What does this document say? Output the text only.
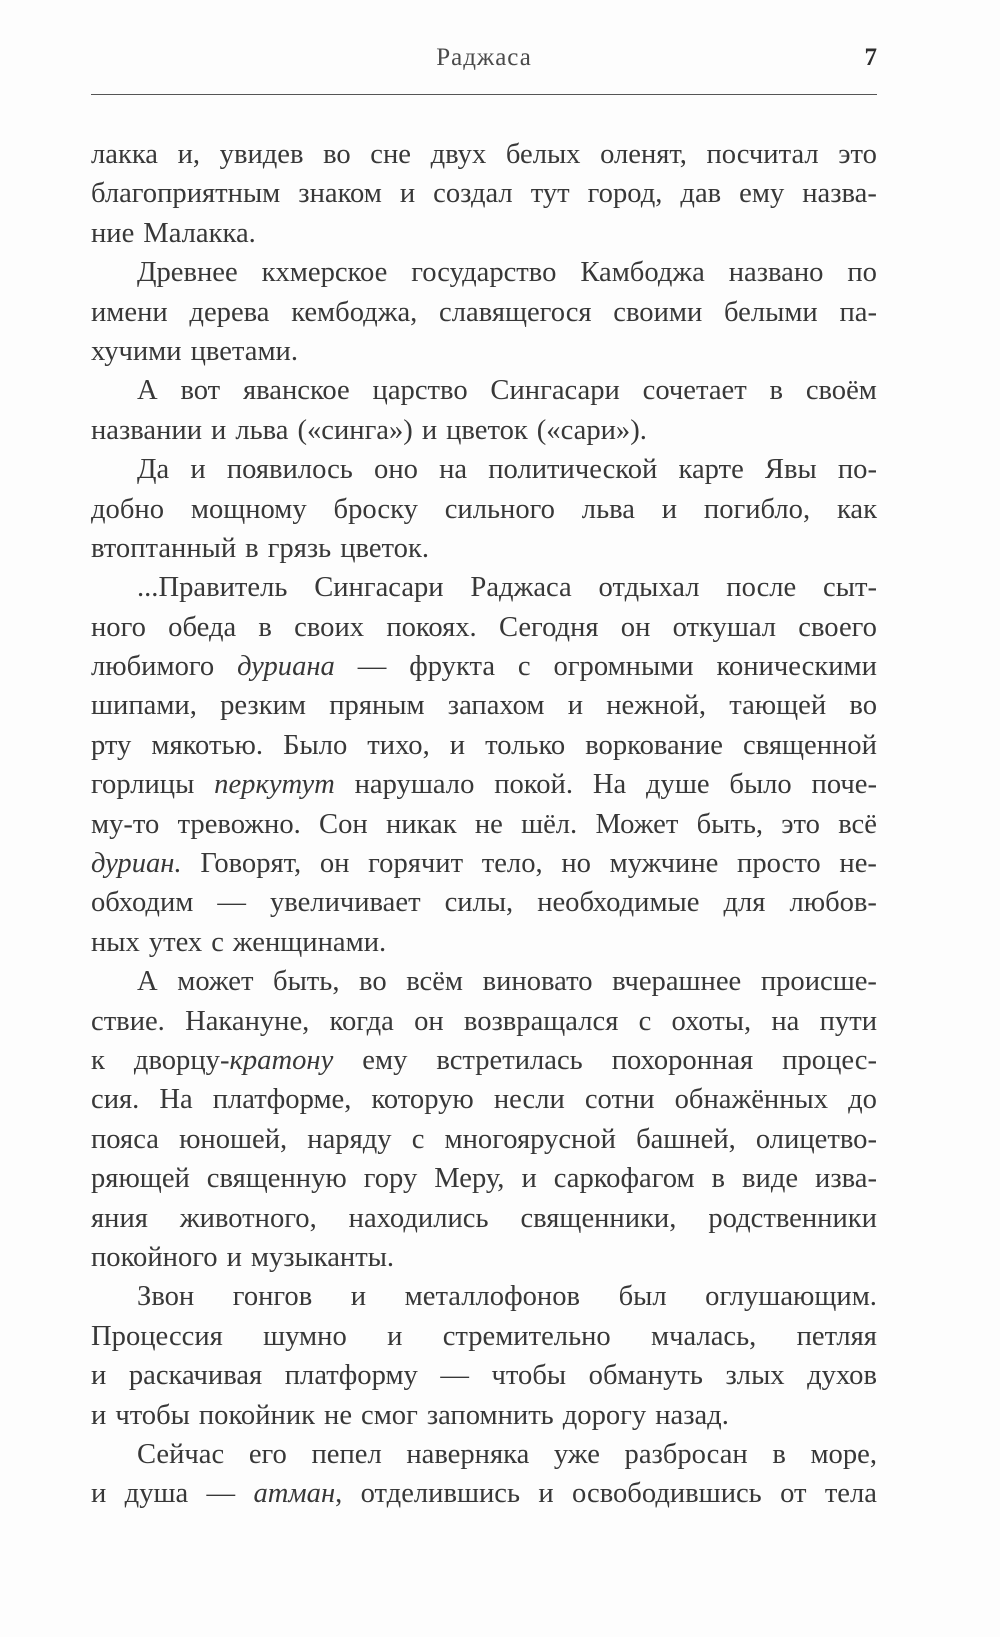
Раджаса	7
лакка и, увидев во сне двух белых оленят, посчитал это
благоприятным знаком и создал тут город, дав ему назва-
ние Малакка.
Древнее кхмерское государство Камбоджа названо по
имени дерева кембоджа, славящегося своими белыми па-
хучими цветами.
А вот яванское царство Сингасари сочетает в своём
названии и льва («синга») и цветок («сари»).
Да и появилось оно на политической карте Явы по-
добно мощному броску сильного льва и погибло, как
втоптанный в грязь цветок.
...Правитель Сингасари Раджаса отдыхал после сыт-
ного обеда в своих покоях. Сегодня он откушал своего
любимого дуриана — фрукта с огромными коническими
шипами, резким пряным запахом и нежной, тающей во
рту мякотью. Было тихо, и только воркование священной
горлицы перкутут нарушало покой. На душе было поче-
му-то тревожно. Сон никак не шёл. Может быть, это всё
дуриан. Говорят, он горячит тело, но мужчине просто не-
обходим — увеличивает силы, необходимые для любов-
ных утех с женщинами.
А может быть, во всём виновато вчерашнее происше-
ствие. Накануне, когда он возвращался с охоты, на пути
к дворцу-кратону ему встретилась похоронная процес-
сия. На платформе, которую несли сотни обнажённых до
пояса юношей, наряду с многоярусной башней, олицетво-
ряющей священную гору Меру, и саркофагом в виде изва-
яния животного, находились священники, родственники
покойного и музыканты.
Звон гонгов и металлофонов был оглушающим.
Процессия шумно и стремительно мчалась, петляя
и раскачивая платформу — чтобы обмануть злых духов
и чтобы покойник не смог запомнить дорогу назад.
Сейчас его пепел наверняка уже разбросан в море,
и душа — атман, отделившись и освободившись от тела
